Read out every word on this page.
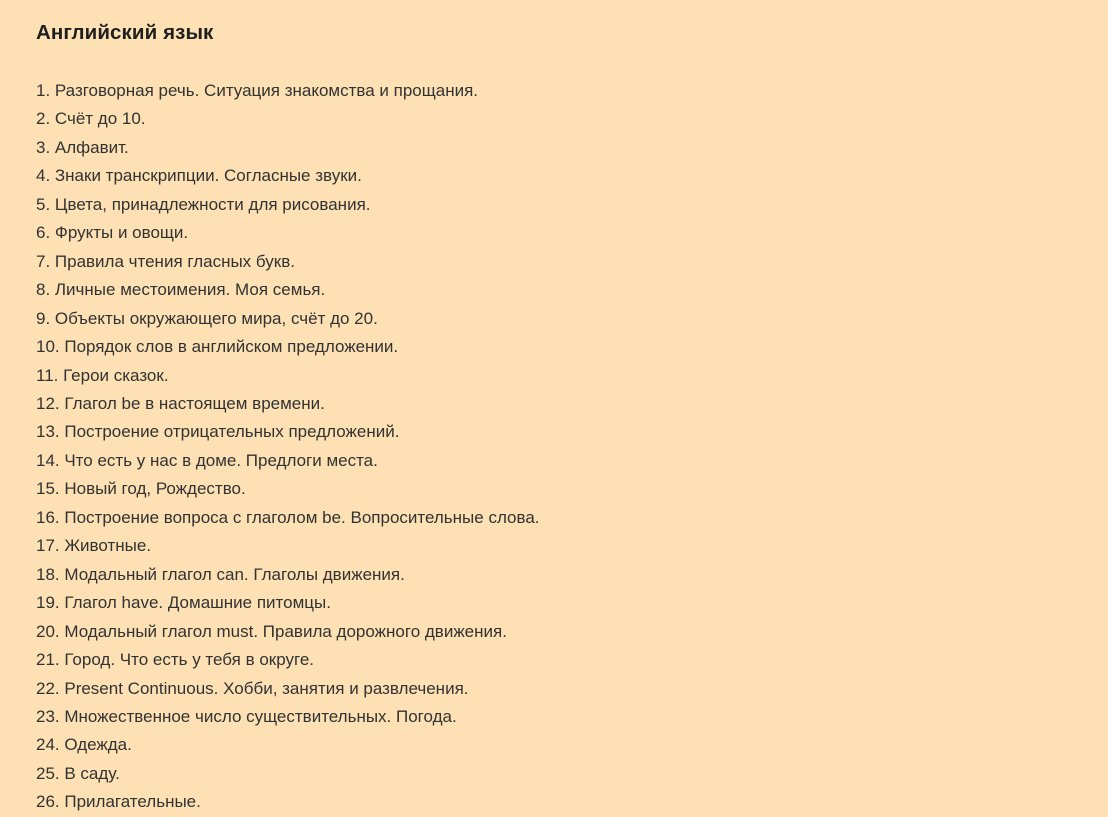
Английский язык
1. Разговорная речь. Ситуация знакомства и прощания.
2. Счёт до 10.
3. Алфавит.
4. Знаки транскрипции. Согласные звуки.
5. Цвета, принадлежности для рисования.
6. Фрукты и овощи.
7. Правила чтения гласных букв.
8. Личные местоимения. Моя семья.
9. Объекты окружающего мира, счёт до 20.
10. Порядок слов в английском предложении.
11. Герои сказок.
12. Глагол be в настоящем времени.
13. Построение отрицательных предложений.
14. Что есть у нас в доме. Предлоги места.
15. Новый год, Рождество.
16. Построение вопроса с глаголом be. Вопросительные слова.
17. Животные.
18. Модальный глагол can. Глаголы движения.
19. Глагол have. Домашние питомцы.
20. Модальный глагол must. Правила дорожного движения.
21. Город. Что есть у тебя в округе.
22. Present Continuous. Хобби, занятия и развлечения.
23. Множественное число существительных. Погода.
24. Одежда.
25. В саду.
26. Прилагательные.
